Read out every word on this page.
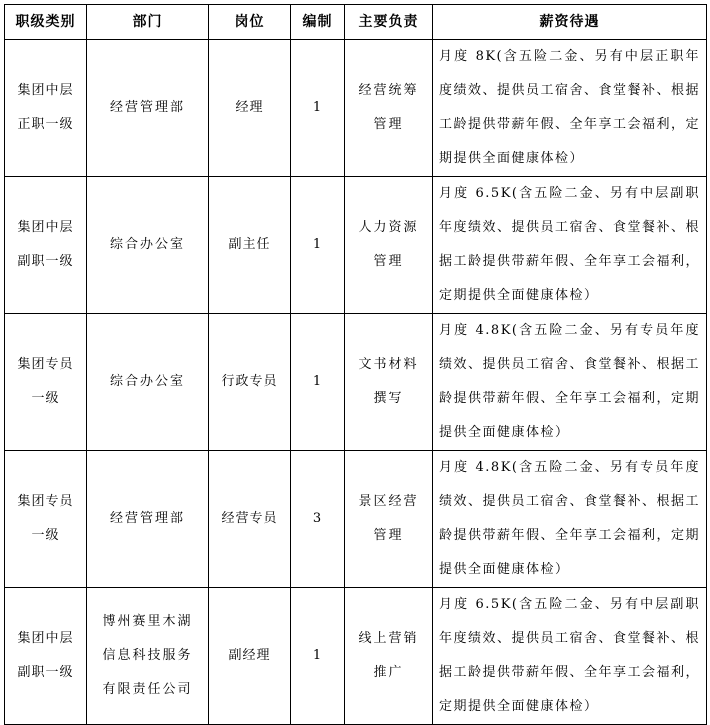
职级类别	部门	岗位	编制	主要负责	薪资待遇
集团中层正职一级	经营管理部	经理	1	经营统筹管理	月度 8K(含五险二金、另有中层正职年度绩效、提供员工宿舍、食堂餐补、根据工龄提供带薪年假、全年享工会福利，定期提供全面健康体检）
集团中层副职一级	综合办公室	副主任	1	人力资源管理	月度 6.5K(含五险二金、另有中层副职年度绩效、提供员工宿舍、食堂餐补、根据工龄提供带薪年假、全年享工会福利，定期提供全面健康体检）
集团专员一级	综合办公室	行政专员	1	文书材料撰写	月度 4.8K(含五险二金、另有专员年度绩效、提供员工宿舍、食堂餐补、根据工龄提供带薪年假、全年享工会福利，定期提供全面健康体检）
集团专员一级	经营管理部	经营专员	3	景区经营管理	月度 4.8K(含五险二金、另有专员年度绩效、提供员工宿舍、食堂餐补、根据工龄提供带薪年假、全年享工会福利，定期提供全面健康体检）
集团中层副职一级	博州赛里木湖信息科技服务有限责任公司	副经理	1	线上营销推广	月度 6.5K(含五险二金、另有中层副职年度绩效、提供员工宿舍、食堂餐补、根据工龄提供带薪年假、全年享工会福利，定期提供全面健康体检）
